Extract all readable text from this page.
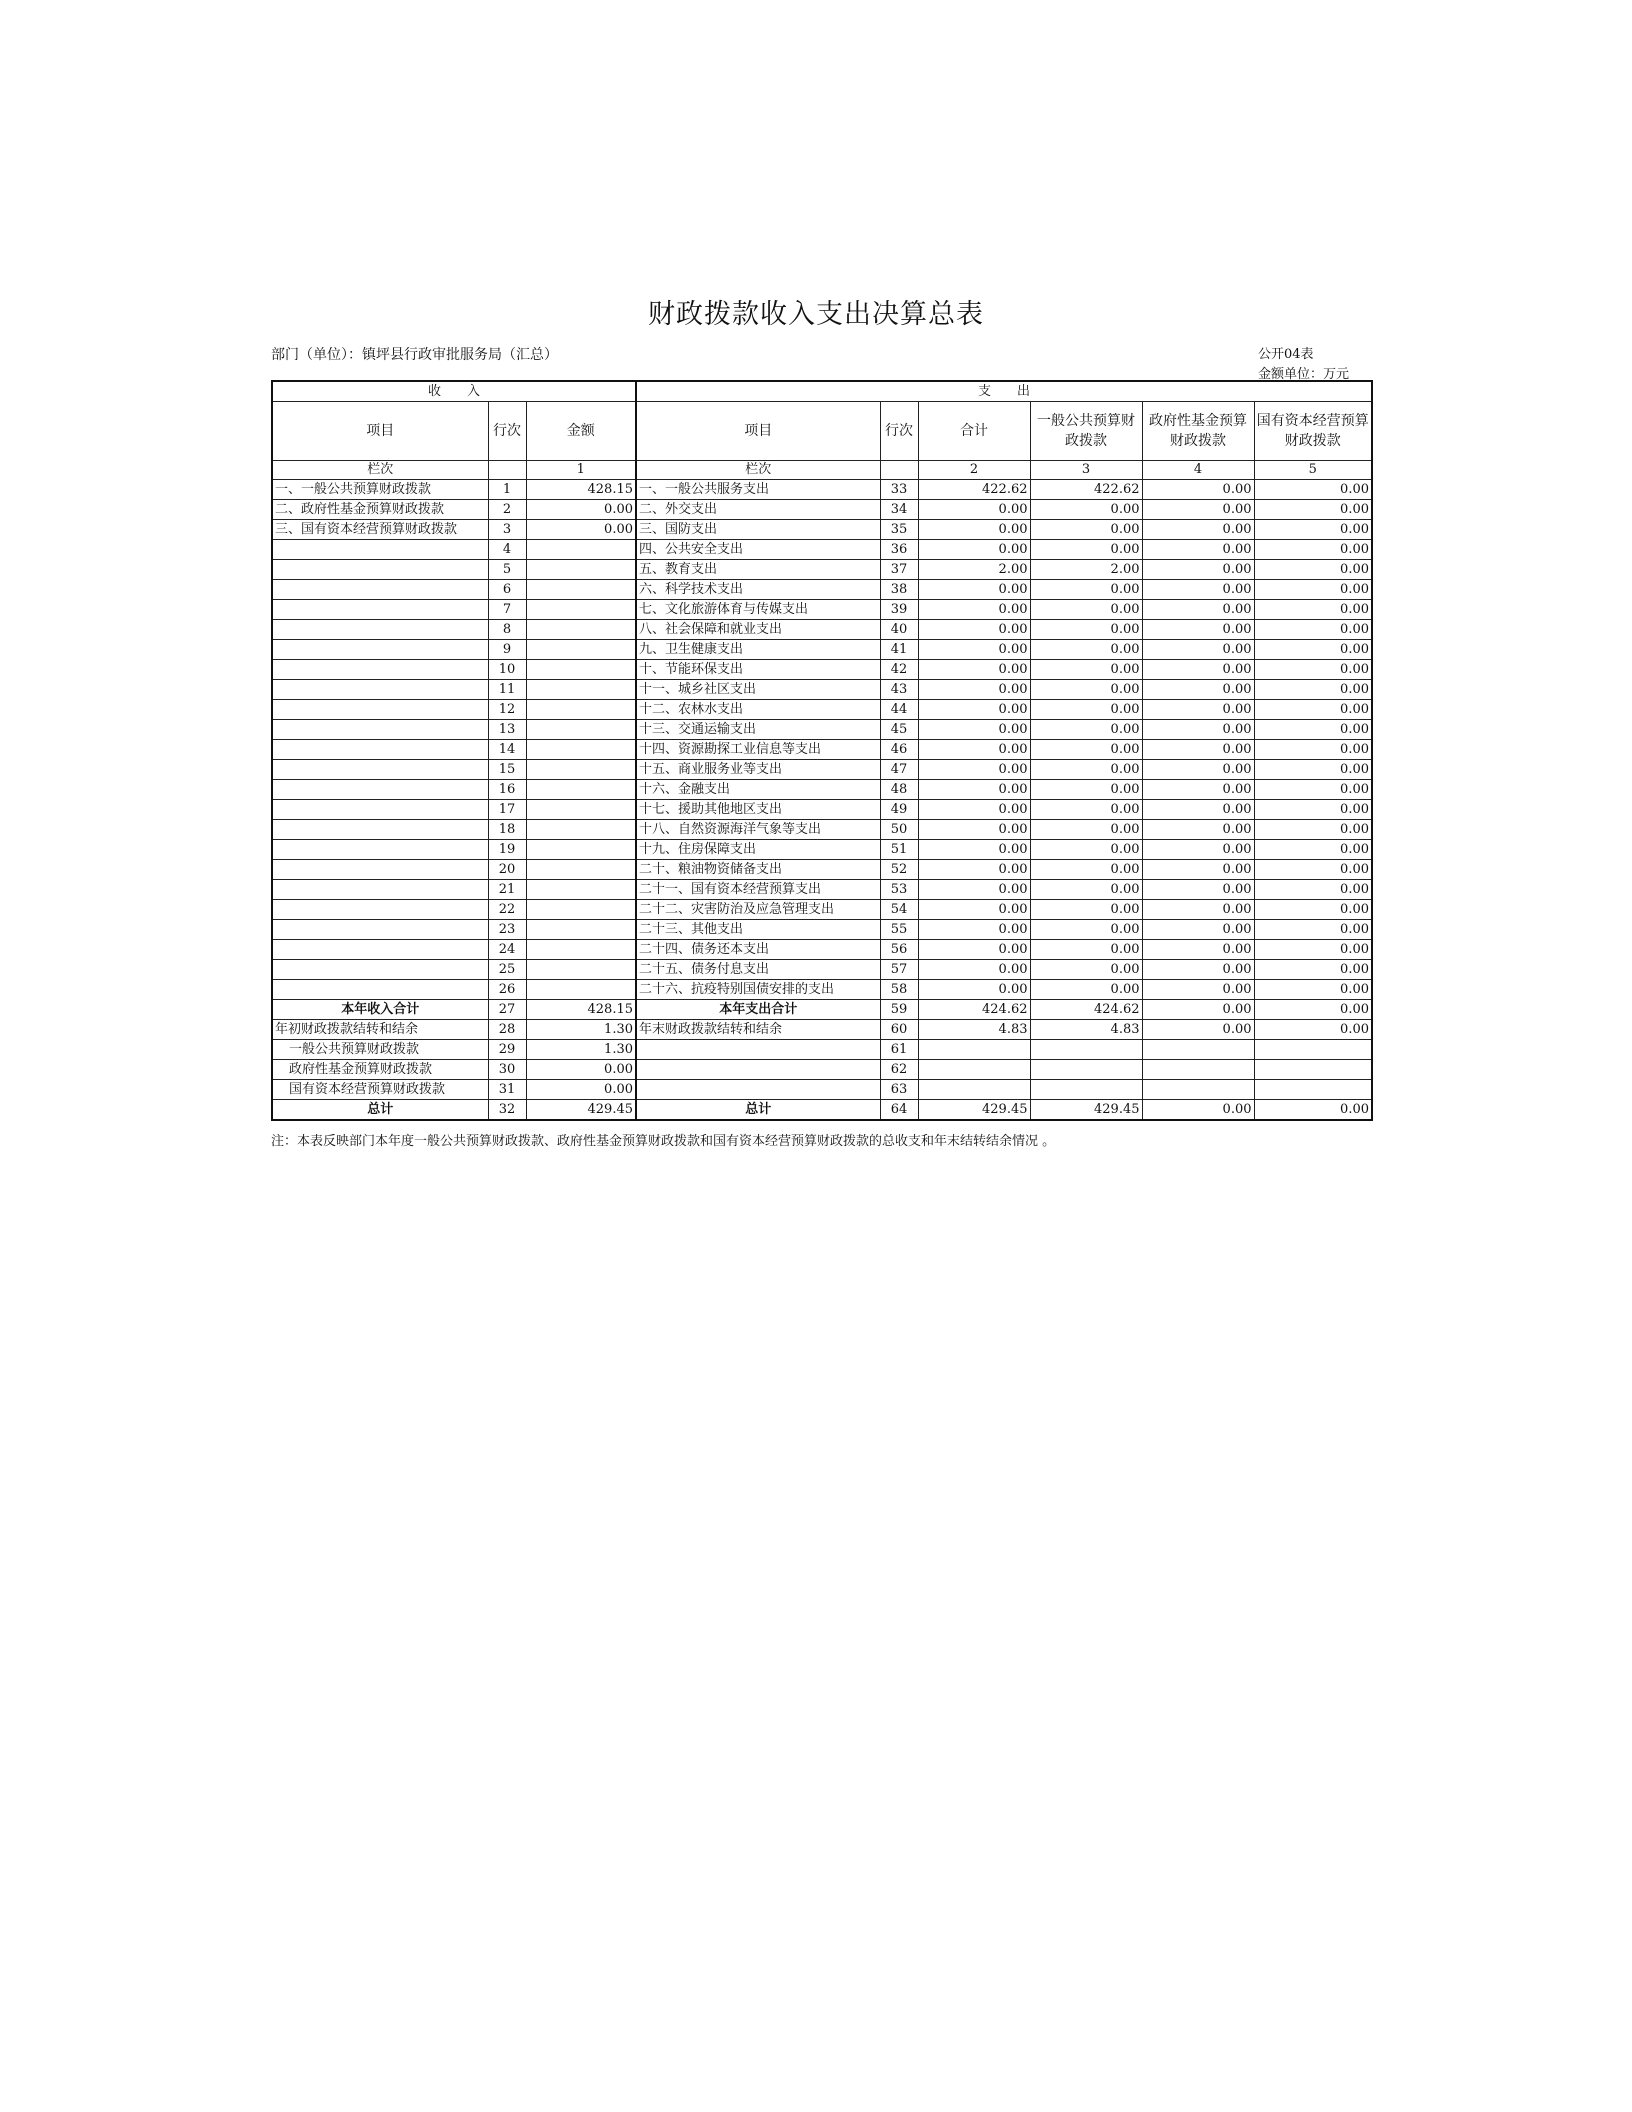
财政拨款收入支出决算总表
部门（单位）：镇坪县行政审批服务局（汇总）	公开04表
金额单位：万元
收　　入			支　　出					
项目	行次	金额	项目	行次	合计	一般公共预算财政拨款	政府性基金预算财政拨款	国有资本经营预算财政拨款
栏次		1	栏次		2	3	4	5
一、一般公共预算财政拨款	1	428.15	一、一般公共服务支出	33	422.62	422.62	0.00	0.00
二、政府性基金预算财政拨款	2	0.00	二、外交支出	34	0.00	0.00	0.00	0.00
三、国有资本经营预算财政拨款	3	0.00	三、国防支出	35	0.00	0.00	0.00	0.00
	4		四、公共安全支出	36	0.00	0.00	0.00	0.00
	5		五、教育支出	37	2.00	2.00	0.00	0.00
	6		六、科学技术支出	38	0.00	0.00	0.00	0.00
	7		七、文化旅游体育与传媒支出	39	0.00	0.00	0.00	0.00
	8		八、社会保障和就业支出	40	0.00	0.00	0.00	0.00
	9		九、卫生健康支出	41	0.00	0.00	0.00	0.00
	10		十、节能环保支出	42	0.00	0.00	0.00	0.00
	11		十一、城乡社区支出	43	0.00	0.00	0.00	0.00
	12		十二、农林水支出	44	0.00	0.00	0.00	0.00
	13		十三、交通运输支出	45	0.00	0.00	0.00	0.00
	14		十四、资源勘探工业信息等支出	46	0.00	0.00	0.00	0.00
	15		十五、商业服务业等支出	47	0.00	0.00	0.00	0.00
	16		十六、金融支出	48	0.00	0.00	0.00	0.00
	17		十七、援助其他地区支出	49	0.00	0.00	0.00	0.00
	18		十八、自然资源海洋气象等支出	50	0.00	0.00	0.00	0.00
	19		十九、住房保障支出	51	0.00	0.00	0.00	0.00
	20		二十、粮油物资储备支出	52	0.00	0.00	0.00	0.00
	21		二十一、国有资本经营预算支出	53	0.00	0.00	0.00	0.00
	22		二十二、灾害防治及应急管理支出	54	0.00	0.00	0.00	0.00
	23		二十三、其他支出	55	0.00	0.00	0.00	0.00
	24		二十四、债务还本支出	56	0.00	0.00	0.00	0.00
	25		二十五、债务付息支出	57	0.00	0.00	0.00	0.00
	26		二十六、抗疫特别国债安排的支出	58	0.00	0.00	0.00	0.00
本年收入合计	27	428.15	本年支出合计	59	424.62	424.62	0.00	0.00
年初财政拨款结转和结余	28	1.30	年末财政拨款结转和结余	60	4.83	4.83	0.00	0.00
一般公共预算财政拨款	29	1.30		61				
政府性基金预算财政拨款	30	0.00		62				
国有资本经营预算财政拨款	31	0.00		63				
总计	32	429.45	总计	64	429.45	429.45	0.00	0.00
注：本表反映部门本年度一般公共预算财政拨款、政府性基金预算财政拨款和国有资本经营预算财政拨款的总收支和年末结转结余情况 。
